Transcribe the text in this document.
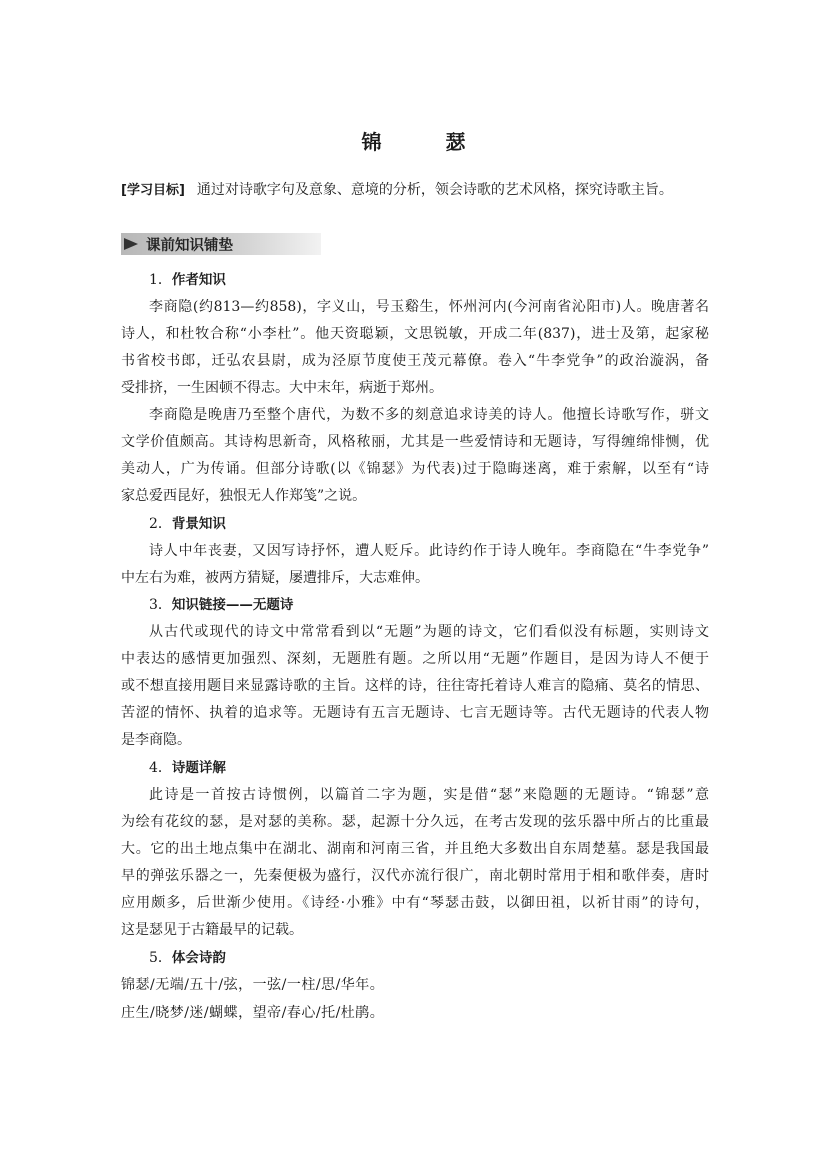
锦　瑟
[学习目标] 通过对诗歌字句及意象、意境的分析，领会诗歌的艺术风格，探究诗歌主旨。
课前知识铺垫
1．作者知识
李商隐(约813—约858)，字义山，号玉谿生，怀州河内(今河南省沁阳市)人。晚唐著名
诗人，和杜牧合称“小李杜”。他天资聪颖，文思锐敏，开成二年(837)，进士及第，起家秘
书省校书郎，迁弘农县尉，成为泾原节度使王茂元幕僚。卷入“牛李党争”的政治漩涡，备
受排挤，一生困顿不得志。大中末年，病逝于郑州。
李商隐是晚唐乃至整个唐代，为数不多的刻意追求诗美的诗人。他擅长诗歌写作，骈文
文学价值颇高。其诗构思新奇，风格秾丽，尤其是一些爱情诗和无题诗，写得缠绵悱恻，优
美动人，广为传诵。但部分诗歌(以《锦瑟》为代表)过于隐晦迷离，难于索解，以至有“诗
家总爱西昆好，独恨无人作郑笺”之说。
2．背景知识
诗人中年丧妻，又因写诗抒怀，遭人贬斥。此诗约作于诗人晚年。李商隐在“牛李党争”
中左右为难，被两方猜疑，屡遭排斥，大志难伸。
3．知识链接——无题诗
从古代或现代的诗文中常常看到以“无题”为题的诗文，它们看似没有标题，实则诗文
中表达的感情更加强烈、深刻，无题胜有题。之所以用“无题”作题目，是因为诗人不便于
或不想直接用题目来显露诗歌的主旨。这样的诗，往往寄托着诗人难言的隐痛、莫名的情思、
苦涩的情怀、执着的追求等。无题诗有五言无题诗、七言无题诗等。古代无题诗的代表人物
是李商隐。
4．诗题详解
此诗是一首按古诗惯例，以篇首二字为题，实是借“瑟”来隐题的无题诗。“锦瑟”意
为绘有花纹的瑟，是对瑟的美称。瑟，起源十分久远，在考古发现的弦乐器中所占的比重最
大。它的出土地点集中在湖北、湖南和河南三省，并且绝大多数出自东周楚墓。瑟是我国最
早的弹弦乐器之一，先秦便极为盛行，汉代亦流行很广，南北朝时常用于相和歌伴奏，唐时
应用颇多，后世渐少使用。《诗经·小雅》中有“琴瑟击鼓，以御田祖，以祈甘雨”的诗句，
这是瑟见于古籍最早的记载。
5．体会诗韵
锦瑟/无端/五十/弦，一弦/一柱/思/华年。
庄生/晓梦/迷/蝴蝶，望帝/春心/托/杜鹃。
